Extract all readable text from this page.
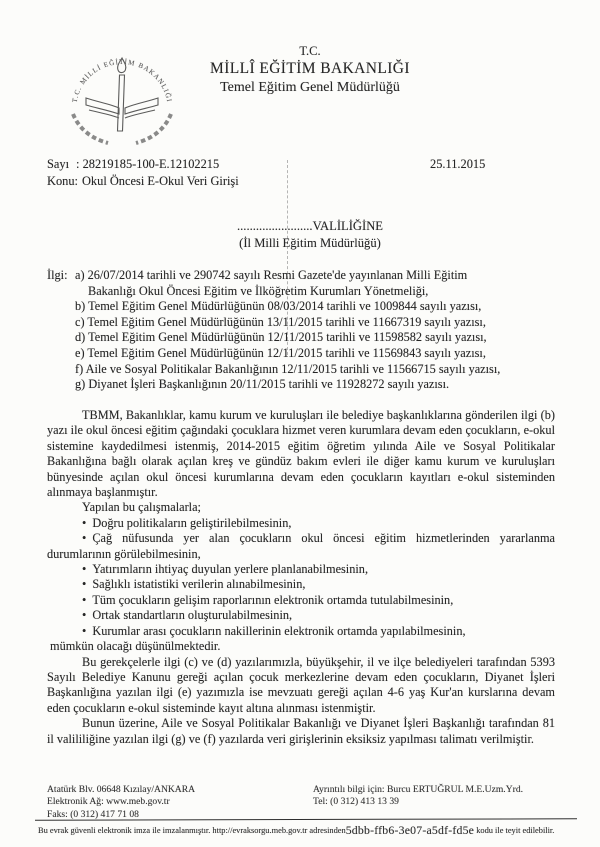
T.C. MİLLİ EĞİTİM BAKANLIĞI
T.C.
MİLLÎ EĞİTİM BAKANLIĞI
Temel Eğitim Genel Müdürlüğü
Sayı : 28219185-100-E.12102215	25.11.2015
Konu: Okul Öncesi E-Okul Veri Girişi
........................VALİLİĞİNE
(İl Milli Eğitim Müdürlüğü)
İlgi: a) 26/07/2014 tarihli ve 290742 sayılı Resmi Gazete'de yayınlanan Milli Eğitim
Bakanlığı Okul Öncesi Eğitim ve İlköğretim Kurumları Yönetmeliği,
b) Temel Eğitim Genel Müdürlüğünün 08/03/2014 tarihli ve 1009844 sayılı yazısı,
c) Temel Eğitim Genel Müdürlüğünün 13/11/2015 tarihli ve 11667319 sayılı yazısı,
d) Temel Eğitim Genel Müdürlüğünün 12/11/2015 tarihli ve 11598582 sayılı yazısı,
e) Temel Eğitim Genel Müdürlüğünün 12/11/2015 tarihli ve 11569843 sayılı yazısı,
f) Aile ve Sosyal Politikalar Bakanlığının 12/11/2015 tarihli ve 11566715 sayılı yazısı,
g) Diyanet İşleri Başkanlığının 20/11/2015 tarihli ve 11928272 sayılı yazısı.

TBMM, Bakanlıklar, kamu kurum ve kuruluşları ile belediye başkanlıklarına gönderilen ilgi (b) yazı ile okul öncesi eğitim çağındaki çocuklara hizmet veren kurumlara devam eden çocukların, e-okul sistemine kaydedilmesi istenmiş, 2014-2015 eğitim öğretim yılında Aile ve Sosyal Politikalar Bakanlığına bağlı olarak açılan kreş ve gündüz bakım evleri ile diğer kamu kurum ve kuruluşları bünyesinde açılan okul öncesi kurumlarına devam eden çocukların kayıtları e-okul sisteminden alınmaya başlanmıştır.

Yapılan bu çalışmalarla;

• Doğru politikaların geliştirilebilmesinin,
• Çağ nüfusunda yer alan çocukların okul öncesi eğitim hizmetlerinden yararlanma durumlarının görülebilmesinin,
• Yatırımların ihtiyaç duyulan yerlere planlanabilmesinin,
• Sağlıklı istatistiki verilerin alınabilmesinin,
• Tüm çocukların gelişim raporlarının elektronik ortamda tutulabilmesinin,
• Ortak standartların oluşturulabilmesinin,
• Kurumlar arası çocukların nakillerinin elektronik ortamda yapılabilmesinin,

mümkün olacağı düşünülmektedir.

Bu gerekçelerle ilgi (c) ve (d) yazılarımızla, büyükşehir, il ve ilçe belediyeleri tarafından 5393 Sayılı Belediye Kanunu gereği açılan çocuk merkezlerine devam eden çocukların, Diyanet İşleri Başkanlığına yazılan ilgi (e) yazımızla ise mevzuatı gereği açılan 4-6 yaş Kur'an kurslarına devam eden çocukların e-okul sisteminde kayıt altına alınması istenmiştir.

Bunun üzerine, Aile ve Sosyal Politikalar Bakanlığı ve Diyanet İşleri Başkanlığı tarafından 81 il valililiğine yazılan ilgi (g) ve (f) yazılarda veri girişlerinin eksiksiz yapılması talimatı verilmiştir.

Atatürk Blv. 06648 Kızılay/ANKARA
Elektronik Ağ: www.meb.gov.tr
Faks: (0 312) 417 71 08
Ayrıntılı bilgi için: Burcu ERTUĞRUL M.E.Uzm.Yrd.
Tel: (0 312) 413 13 39
Bu evrak güvenli elektronik imza ile imzalanmıştır. http://evraksorgu.meb.gov.tr adresinden5dbb-ffb6-3e07-a5df-fd5e kodu ile teyit edilebilir.
